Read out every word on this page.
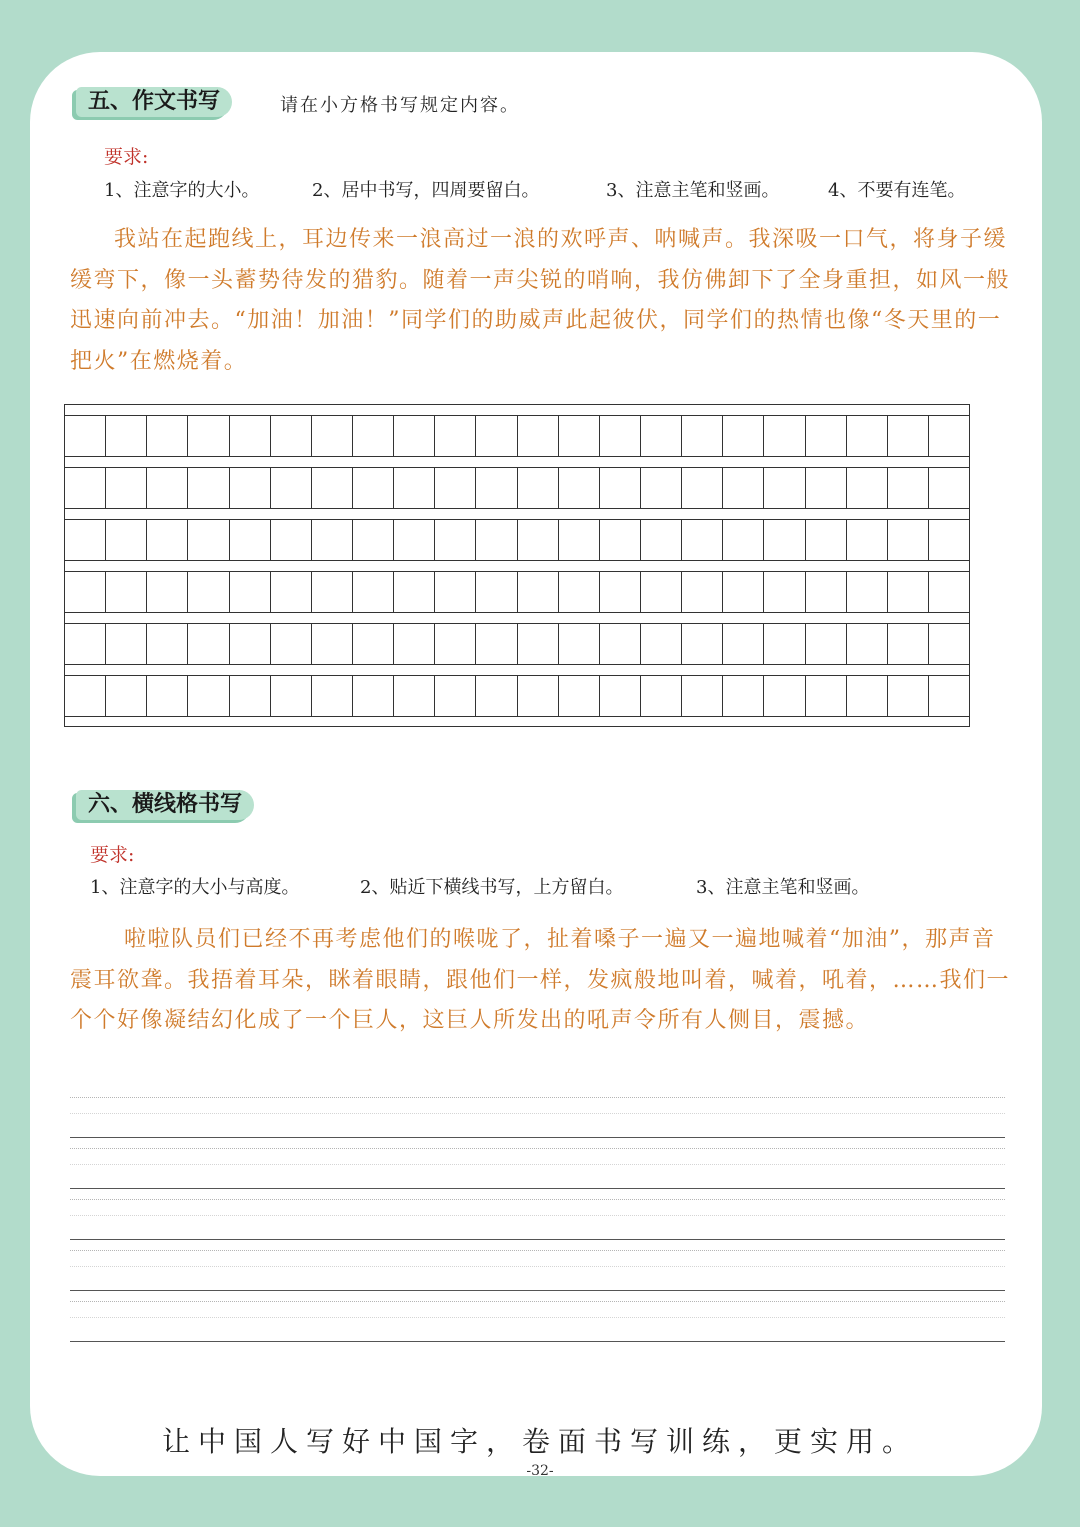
五、作文书写	请在小方格书写规定内容。
要求:
1、注意字的大小。	2、居中书写，四周要留白。	3、注意主笔和竖画。	4、不要有连笔。
我站在起跑线上，耳边传来一浪高过一浪的欢呼声、呐喊声。我深吸一口气，将身子缓缓弯下，像一头蓄势待发的猎豹。随着一声尖锐的哨响，我仿佛卸下了全身重担，如风一般迅速向前冲去。“加油！加油！”同学们的助威声此起彼伏，同学们的热情也像“冬天里的一把火”在燃烧着。
六、横线格书写
要求:
1、注意字的大小与高度。	2、贴近下横线书写，上方留白。	3、注意主笔和竖画。
啦啦队员们已经不再考虑他们的喉咙了，扯着嗓子一遍又一遍地喊着“加油”，那声音震耳欲聋。我捂着耳朵，眯着眼睛，跟他们一样，发疯般地叫着，喊着，吼着，……我们一个个好像凝结幻化成了一个巨人，这巨人所发出的吼声令所有人侧目，震撼。
让中国人写好中国字，卷面书写训练，更实用。
-32-
